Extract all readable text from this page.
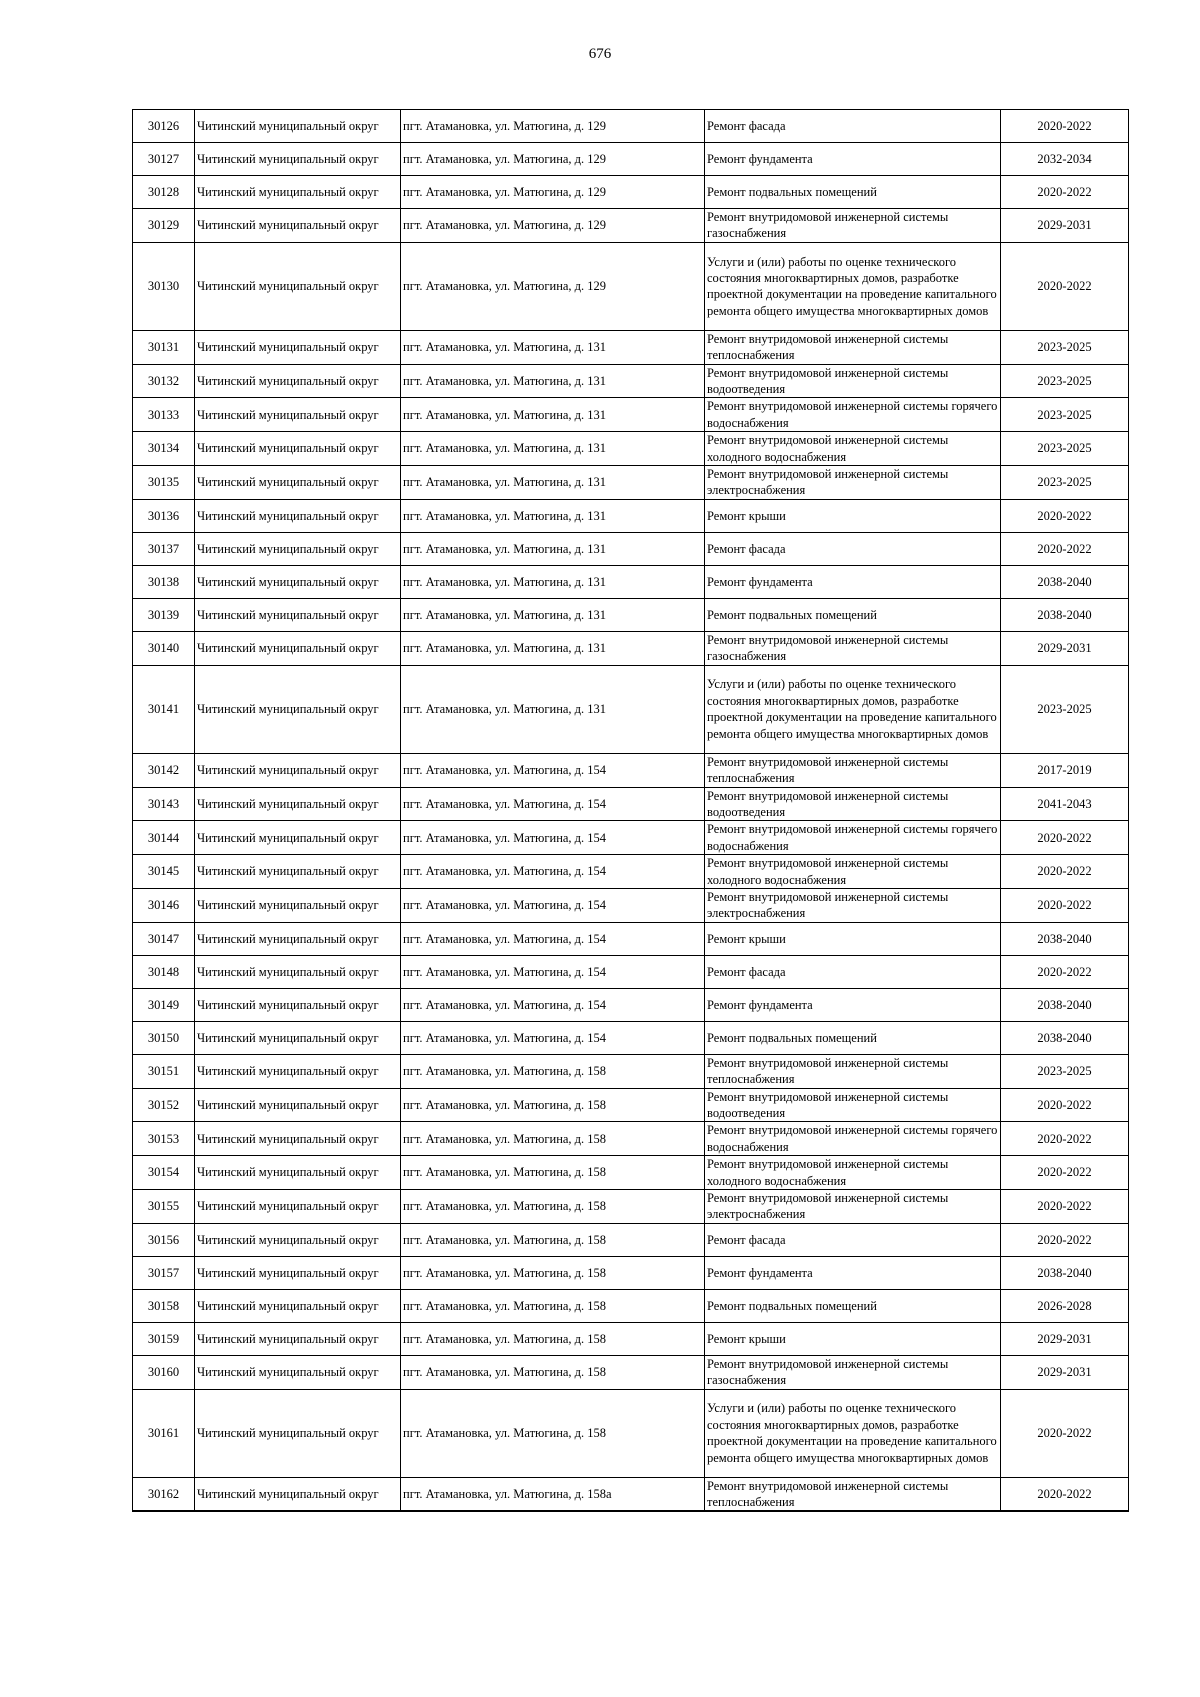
676
30126	Читинский муниципальный округ	пгт. Атамановка, ул. Матюгина, д. 129	Ремонт фасада	2020-2022
30127	Читинский муниципальный округ	пгт. Атамановка, ул. Матюгина, д. 129	Ремонт фундамента	2032-2034
30128	Читинский муниципальный округ	пгт. Атамановка, ул. Матюгина, д. 129	Ремонт подвальных помещений	2020-2022
30129	Читинский муниципальный округ	пгт. Атамановка, ул. Матюгина, д. 129	Ремонт внутридомовой инженерной системы газоснабжения	2029-2031
30130	Читинский муниципальный округ	пгт. Атамановка, ул. Матюгина, д. 129	Услуги и (или) работы по оценке технического состояния многоквартирных домов, разработке проектной документации на проведение капитального ремонта общего имущества многоквартирных домов	2020-2022
30131	Читинский муниципальный округ	пгт. Атамановка, ул. Матюгина, д. 131	Ремонт внутридомовой инженерной системы теплоснабжения	2023-2025
30132	Читинский муниципальный округ	пгт. Атамановка, ул. Матюгина, д. 131	Ремонт внутридомовой инженерной системы водоотведения	2023-2025
30133	Читинский муниципальный округ	пгт. Атамановка, ул. Матюгина, д. 131	Ремонт внутридомовой инженерной системы горячего водоснабжения	2023-2025
30134	Читинский муниципальный округ	пгт. Атамановка, ул. Матюгина, д. 131	Ремонт внутридомовой инженерной системы холодного водоснабжения	2023-2025
30135	Читинский муниципальный округ	пгт. Атамановка, ул. Матюгина, д. 131	Ремонт внутридомовой инженерной системы электроснабжения	2023-2025
30136	Читинский муниципальный округ	пгт. Атамановка, ул. Матюгина, д. 131	Ремонт крыши	2020-2022
30137	Читинский муниципальный округ	пгт. Атамановка, ул. Матюгина, д. 131	Ремонт фасада	2020-2022
30138	Читинский муниципальный округ	пгт. Атамановка, ул. Матюгина, д. 131	Ремонт фундамента	2038-2040
30139	Читинский муниципальный округ	пгт. Атамановка, ул. Матюгина, д. 131	Ремонт подвальных помещений	2038-2040
30140	Читинский муниципальный округ	пгт. Атамановка, ул. Матюгина, д. 131	Ремонт внутридомовой инженерной системы газоснабжения	2029-2031
30141	Читинский муниципальный округ	пгт. Атамановка, ул. Матюгина, д. 131	Услуги и (или) работы по оценке технического состояния многоквартирных домов, разработке проектной документации на проведение капитального ремонта общего имущества многоквартирных домов	2023-2025
30142	Читинский муниципальный округ	пгт. Атамановка, ул. Матюгина, д. 154	Ремонт внутридомовой инженерной системы теплоснабжения	2017-2019
30143	Читинский муниципальный округ	пгт. Атамановка, ул. Матюгина, д. 154	Ремонт внутридомовой инженерной системы водоотведения	2041-2043
30144	Читинский муниципальный округ	пгт. Атамановка, ул. Матюгина, д. 154	Ремонт внутридомовой инженерной системы горячего водоснабжения	2020-2022
30145	Читинский муниципальный округ	пгт. Атамановка, ул. Матюгина, д. 154	Ремонт внутридомовой инженерной системы холодного водоснабжения	2020-2022
30146	Читинский муниципальный округ	пгт. Атамановка, ул. Матюгина, д. 154	Ремонт внутридомовой инженерной системы электроснабжения	2020-2022
30147	Читинский муниципальный округ	пгт. Атамановка, ул. Матюгина, д. 154	Ремонт крыши	2038-2040
30148	Читинский муниципальный округ	пгт. Атамановка, ул. Матюгина, д. 154	Ремонт фасада	2020-2022
30149	Читинский муниципальный округ	пгт. Атамановка, ул. Матюгина, д. 154	Ремонт фундамента	2038-2040
30150	Читинский муниципальный округ	пгт. Атамановка, ул. Матюгина, д. 154	Ремонт подвальных помещений	2038-2040
30151	Читинский муниципальный округ	пгт. Атамановка, ул. Матюгина, д. 158	Ремонт внутридомовой инженерной системы теплоснабжения	2023-2025
30152	Читинский муниципальный округ	пгт. Атамановка, ул. Матюгина, д. 158	Ремонт внутридомовой инженерной системы водоотведения	2020-2022
30153	Читинский муниципальный округ	пгт. Атамановка, ул. Матюгина, д. 158	Ремонт внутридомовой инженерной системы горячего водоснабжения	2020-2022
30154	Читинский муниципальный округ	пгт. Атамановка, ул. Матюгина, д. 158	Ремонт внутридомовой инженерной системы холодного водоснабжения	2020-2022
30155	Читинский муниципальный округ	пгт. Атамановка, ул. Матюгина, д. 158	Ремонт внутридомовой инженерной системы электроснабжения	2020-2022
30156	Читинский муниципальный округ	пгт. Атамановка, ул. Матюгина, д. 158	Ремонт фасада	2020-2022
30157	Читинский муниципальный округ	пгт. Атамановка, ул. Матюгина, д. 158	Ремонт фундамента	2038-2040
30158	Читинский муниципальный округ	пгт. Атамановка, ул. Матюгина, д. 158	Ремонт подвальных помещений	2026-2028
30159	Читинский муниципальный округ	пгт. Атамановка, ул. Матюгина, д. 158	Ремонт крыши	2029-2031
30160	Читинский муниципальный округ	пгт. Атамановка, ул. Матюгина, д. 158	Ремонт внутридомовой инженерной системы газоснабжения	2029-2031
30161	Читинский муниципальный округ	пгт. Атамановка, ул. Матюгина, д. 158	Услуги и (или) работы по оценке технического состояния многоквартирных домов, разработке проектной документации на проведение капитального ремонта общего имущества многоквартирных домов	2020-2022
30162	Читинский муниципальный округ	пгт. Атамановка, ул. Матюгина, д. 158а	Ремонт внутридомовой инженерной системы теплоснабжения	2020-2022
